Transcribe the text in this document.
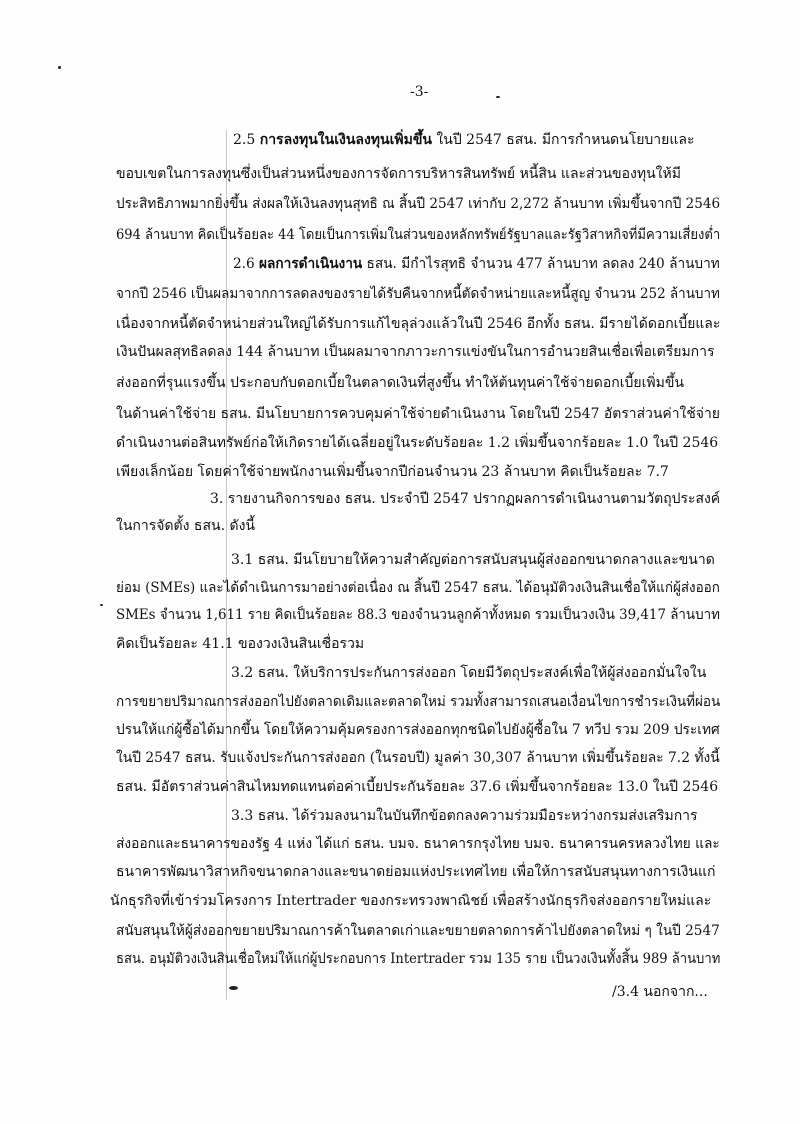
-3-
2.5 การลงทุนในเงินลงทุนเพิ่มขึ้น ในปี 2547 ธสน. มีการกำหนดนโยบายและ
ขอบเขตในการลงทุนซึ่งเป็นส่วนหนึ่งของการจัดการบริหารสินทรัพย์ หนี้สิน และส่วนของทุนให้มี
ประสิทธิภาพมากยิ่งขึ้น ส่งผลให้เงินลงทุนสุทธิ ณ สิ้นปี 2547 เท่ากับ 2,272 ล้านบาท เพิ่มขึ้นจากปี 2546
694 ล้านบาท คิดเป็นร้อยละ 44 โดยเป็นการเพิ่มในส่วนของหลักทรัพย์รัฐบาลและรัฐวิสาหกิจที่มีความเสี่ยงต่ำ
2.6 ผลการดำเนินงาน ธสน. มีกำไรสุทธิ จำนวน 477 ล้านบาท ลดลง 240 ล้านบาท
จากปี 2546 เป็นผลมาจากการลดลงของรายได้รับคืนจากหนี้ตัดจำหน่ายและหนี้สูญ จำนวน 252 ล้านบาท
เนื่องจากหนี้ตัดจำหน่ายส่วนใหญ่ได้รับการแก้ไขลุล่วงแล้วในปี 2546 อีกทั้ง ธสน. มีรายได้ดอกเบี้ยและ
เงินปันผลสุทธิลดลง 144 ล้านบาท เป็นผลมาจากภาวะการแข่งขันในการอำนวยสินเชื่อเพื่อเตรียมการ
ส่งออกที่รุนแรงขึ้น ประกอบกับดอกเบี้ยในตลาดเงินที่สูงขึ้น ทำให้ต้นทุนค่าใช้จ่ายดอกเบี้ยเพิ่มขึ้น
ในด้านค่าใช้จ่าย ธสน. มีนโยบายการควบคุมค่าใช้จ่ายดำเนินงาน โดยในปี 2547 อัตราส่วนค่าใช้จ่าย
ดำเนินงานต่อสินทรัพย์ก่อให้เกิดรายได้เฉลี่ยอยู่ในระดับร้อยละ 1.2 เพิ่มขึ้นจากร้อยละ 1.0 ในปี 2546
เพียงเล็กน้อย โดยค่าใช้จ่ายพนักงานเพิ่มขึ้นจากปีก่อนจำนวน 23 ล้านบาท คิดเป็นร้อยละ 7.7
3. รายงานกิจการของ ธสน. ประจำปี 2547 ปรากฏผลการดำเนินงานตามวัตถุประสงค์
ในการจัดตั้ง ธสน. ดังนี้
3.1 ธสน. มีนโยบายให้ความสำคัญต่อการสนับสนุนผู้ส่งออกขนาดกลางและขนาด
ย่อม (SMEs) และได้ดำเนินการมาอย่างต่อเนื่อง ณ สิ้นปี 2547 ธสน. ได้อนุมัติวงเงินสินเชื่อให้แก่ผู้ส่งออก
SMEs จำนวน 1,611 ราย คิดเป็นร้อยละ 88.3 ของจำนวนลูกค้าทั้งหมด รวมเป็นวงเงิน 39,417 ล้านบาท
คิดเป็นร้อยละ 41.1 ของวงเงินสินเชื่อรวม
3.2 ธสน. ให้บริการประกันการส่งออก โดยมีวัตถุประสงค์เพื่อให้ผู้ส่งออกมั่นใจใน
การขยายปริมาณการส่งออกไปยังตลาดเดิมและตลาดใหม่ รวมทั้งสามารถเสนอเงื่อนไขการชำระเงินที่ผ่อน
ปรนให้แก่ผู้ซื้อได้มากขึ้น โดยให้ความคุ้มครองการส่งออกทุกชนิดไปยังผู้ซื้อใน 7 ทวีป รวม 209 ประเทศ
ในปี 2547 ธสน. รับแจ้งประกันการส่งออก (ในรอบปี) มูลค่า 30,307 ล้านบาท เพิ่มขึ้นร้อยละ 7.2 ทั้งนี้
ธสน. มีอัตราส่วนค่าสินไหมทดแทนต่อค่าเบี้ยประกันร้อยละ 37.6 เพิ่มขึ้นจากร้อยละ 13.0 ในปี 2546
3.3 ธสน. ได้ร่วมลงนามในบันทึกข้อตกลงความร่วมมือระหว่างกรมส่งเสริมการ
ส่งออกและธนาคารของรัฐ 4 แห่ง ได้แก่ ธสน. บมจ. ธนาคารกรุงไทย บมจ. ธนาคารนครหลวงไทย และ
ธนาคารพัฒนาวิสาหกิจขนาดกลางและขนาดย่อมแห่งประเทศไทย เพื่อให้การสนับสนุนทางการเงินแก่
นักธุรกิจที่เข้าร่วมโครงการ Intertrader ของกระทรวงพาณิชย์ เพื่อสร้างนักธุรกิจส่งออกรายใหม่และ
สนับสนุนให้ผู้ส่งออกขยายปริมาณการค้าในตลาดเก่าและขยายตลาดการค้าไปยังตลาดใหม่ ๆ ในปี 2547
ธสน. อนุมัติวงเงินสินเชื่อใหม่ให้แก่ผู้ประกอบการ Intertrader รวม 135 ราย เป็นวงเงินทั้งสิ้น 989 ล้านบาท
/3.4 นอกจาก...
